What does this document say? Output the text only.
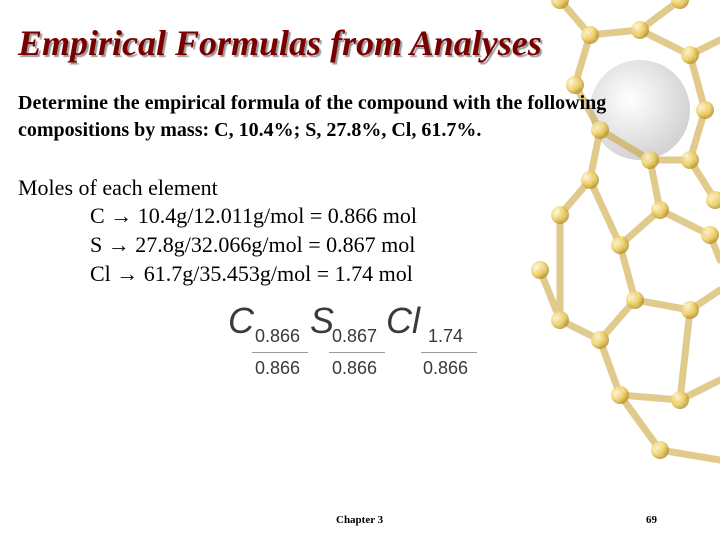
Empirical Formulas from Analyses
Determine the empirical formula of the compound with the following compositions by mass: C, 10.4%; S, 27.8%, Cl, 61.7%.
Moles of each element
C → 10.4g/12.011g/mol = 0.866 mol
S → 27.8g/32.066g/mol = 0.867 mol
Cl → 61.7g/35.453g/mol = 1.74 mol
C 0.866
0.866
S
0.867
0.866
Cl 1.74
0.866
Chapter 3	69
